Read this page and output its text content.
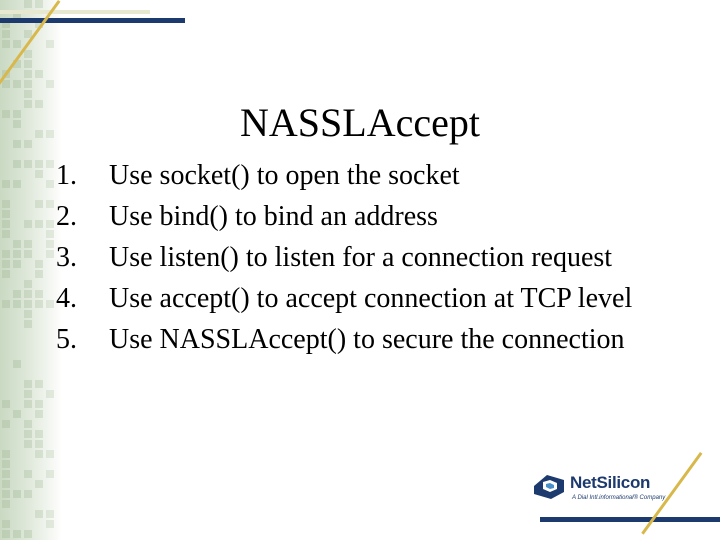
NASSLAccept
1.	Use socket() to open the socket
2.	Use bind() to bind an address
3.	Use listen() to listen for a connection request
4.	Use accept() to accept connection at TCP level
5.	Use NASSLAccept() to secure the connection
NetSilicon
A Dial Intl.informational® Company
